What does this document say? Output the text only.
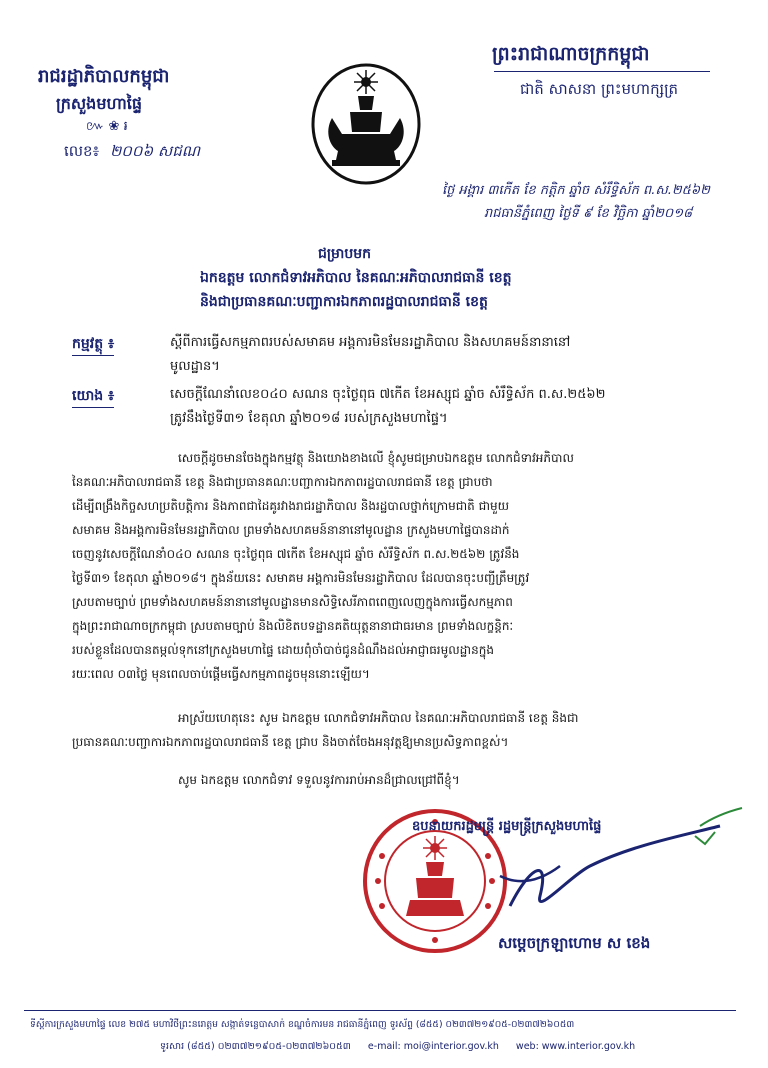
រាជរដ្ឋាភិបាលកម្ពុជា
ក្រសួងមហាផ្ទៃ
៚ ❀ ៛
លេខ៖ ២០០៦ សជណ
ព្រះរាជាណាចក្រកម្ពុជា
ជាតិ សាសនា ព្រះមហាក្សត្រ
ថ្ងៃ អង្គារ ៣កើត ខែ កត្តិក ឆ្នាំច សំរឹទ្ធិស័ក ព.ស.២៥៦២
រាជធានីភ្នំពេញ ថ្ងៃទី ៩ ខែ វិច្ឆិកា ឆ្នាំ២០១៨
ជម្រាបមក
ឯកឧត្តម លោកជំទាវអភិបាល នៃគណៈអភិបាលរាជធានី ខេត្ត
និងជាប្រធានគណៈបញ្ជាការឯកភាពរដ្ឋបាលរាជធានី ខេត្ត
កម្មវត្ថុ ៖	ស្តីពីការធ្វើសកម្មភាពរបស់សមាគម អង្គការមិនមែនរដ្ឋាភិបាល និងសហគមន៍នានានៅ
មូលដ្ឋាន។
យោង ៖	សេចក្តីណែនាំលេខ០៤០ សណន ចុះថ្ងៃពុធ ៧កេីត ខែអស្សុជ ឆ្នាំច សំរឹទ្ធិស័ក ព.ស.២៥៦២
ត្រូវនឹងថ្ងៃទី៣១ ខែតុលា ឆ្នាំ២០១៨ របស់ក្រសួងមហាផ្ទៃ។
សេចក្តីដូចមានចែងក្នុងកម្មវត្ថុ និងយោងខាងលើ ខ្ញុំសូមជម្រាបឯកឧត្តម លោកជំទាវអភិបាល
នៃគណៈអភិបាលរាជធានី ខេត្ត និងជាប្រធានគណៈបញ្ជាការឯកភាពរដ្ឋបាលរាជធានី ខេត្ត ជ្រាបថា
ដើម្បីពង្រឹងកិច្ចសហប្រតិបត្តិការ និងភាពជាដៃគូរវាងរាជរដ្ឋាភិបាល និងរដ្ឋបាលថ្នាក់ក្រោមជាតិ ជាមួយ
សមាគម និងអង្គការមិនមែនរដ្ឋាភិបាល ព្រមទាំងសហគមន៍នានានៅមូលដ្ឋាន ក្រសួងមហាផ្ទៃបានដាក់
ចេញនូវសេចក្តីណែនាំ០៤០ សណន ចុះថ្ងៃពុធ ៧កេីត ខែអស្សុជ ឆ្នាំច សំរឹទ្ធិស័ក ព.ស.២៥៦២ ត្រូវនឹង
ថ្ងៃទី៣១ ខែតុលា ឆ្នាំ២០១៨។ ក្នុងន័យនេះ សមាគម អង្គការមិនមែនរដ្ឋាភិបាល ដែលបានចុះបញ្ជីត្រឹមត្រូវ
ស្របតាមច្បាប់ ព្រមទាំងសហគមន៍នានានៅមូលដ្ឋានមានសិទ្ធិសេរីភាពពេញលេញក្នុងការធ្វើសកម្មភាព
ក្នុងព្រះរាជាណាចក្រកម្ពុជា ស្របតាមច្បាប់ និងលិខិតបទដ្ឋានគតិយុត្តនានាជាធរមាន ព្រមទាំងលក្ខន្តិកៈ
របស់ខ្លួនដែលបានតម្កល់ទុកនៅក្រសួងមហាផ្ទៃ ដោយពុំចាំបាច់ជូនដំណឹងដល់អាជ្ញាធរមូលដ្ឋានក្នុង
រយៈពេល ០៣ថ្ងៃ មុនពេលចាប់ផ្តើមធ្វើសកម្មភាពដូចមុននោះឡើយ។
អាស្រ័យហេតុនេះ សូម ឯកឧត្តម លោកជំទាវអភិបាល នៃគណៈអភិបាលរាជធានី ខេត្ត និងជា
ប្រធានគណៈបញ្ជាការឯកភាពរដ្ឋបាលរាជធានី ខេត្ត ជ្រាប និងចាត់ចែងអនុវត្តឱ្យមានប្រសិទ្ធភាពខ្ពស់។
សូម ឯកឧត្តម លោកជំទាវ ទទួលនូវការរាប់អានដ៏ជ្រាលជ្រៅពីខ្ញុំ។
ឧបនាយករដ្ឋមន្ត្រី រដ្ឋមន្ត្រីក្រសួងមហាផ្ទៃ
សម្តេចក្រឡាហោម ស ខេង
ទីស្តីការក្រសួងមហាផ្ទៃ លេខ ២៧៥ មហាវិថីព្រះនរោត្តម សង្កាត់ទន្លេបាសាក់ ខណ្ឌចំការមន រាជធានីភ្នំពេញ ទូរស័ព្ទ (៨៥៥) ០២៣៧២១៩០៥-០២៣៧២៦០៥៣
ទូរសារ (៨៥៥) ០២៣៧២១៩០៥-០២៣៧២៦០៥៣ e-mail: moi@interior.gov.kh web: www.interior.gov.kh
